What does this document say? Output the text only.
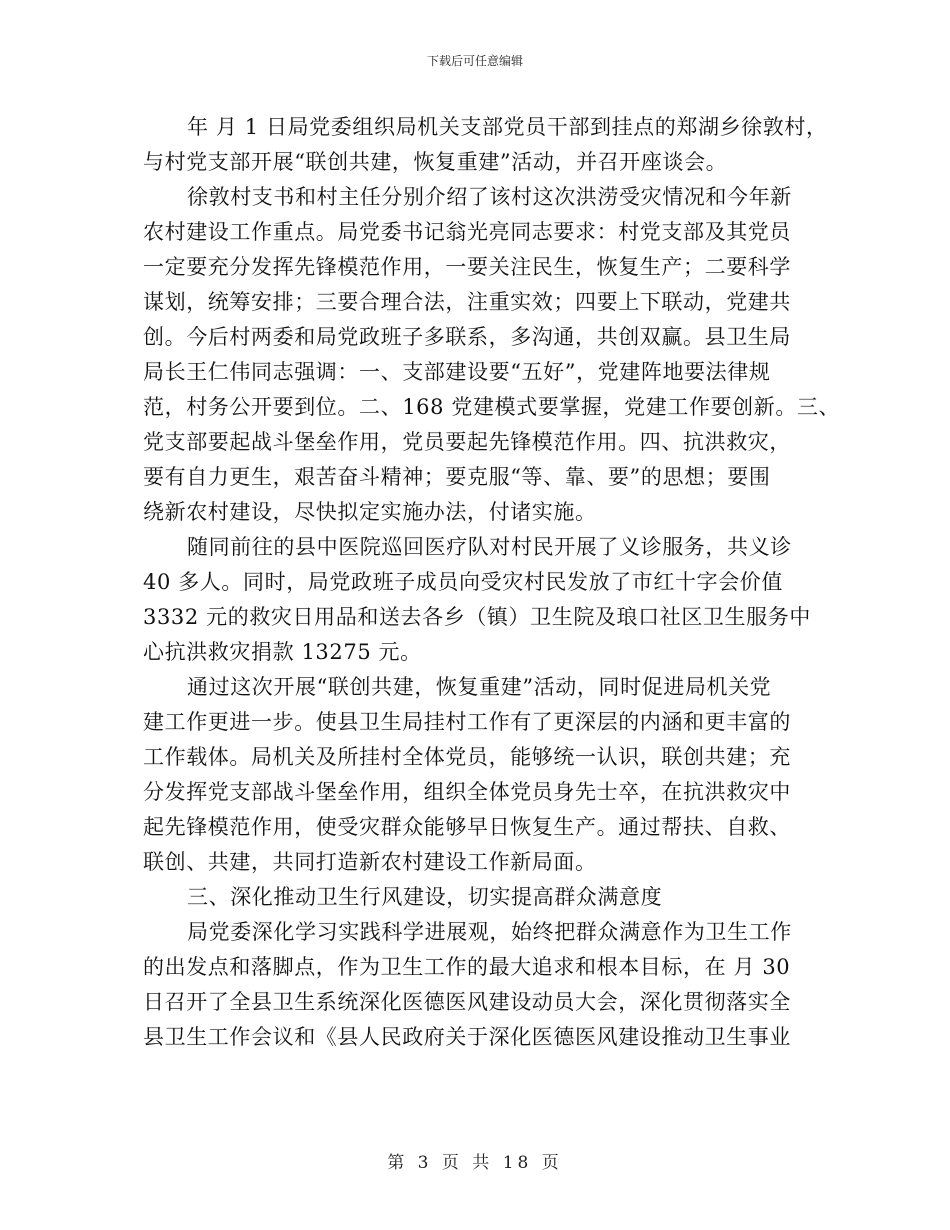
下载后可任意编辑
年 月 1 日局党委组织局机关支部党员干部到挂点的郑湖乡徐敦村，
与村党支部开展“联创共建，恢复重建”活动，并召开座谈会。
徐敦村支书和村主任分别介绍了该村这次洪涝受灾情况和今年新
农村建设工作重点。局党委书记翁光亮同志要求：村党支部及其党员
一定要充分发挥先锋模范作用，一要关注民生，恢复生产；二要科学
谋划，统筹安排；三要合理合法，注重实效；四要上下联动，党建共
创。今后村两委和局党政班子多联系，多沟通，共创双赢。县卫生局
局长王仁伟同志强调：一、支部建设要“五好”，党建阵地要法律规
范，村务公开要到位。二、168 党建模式要掌握，党建工作要创新。三、
党支部要起战斗堡垒作用，党员要起先锋模范作用。四、抗洪救灾，
要有自力更生，艰苦奋斗精神；要克服“等、靠、要”的思想；要围
绕新农村建设，尽快拟定实施办法，付诸实施。
随同前往的县中医院巡回医疗队对村民开展了义诊服务，共义诊
40 多人。同时，局党政班子成员向受灾村民发放了市红十字会价值
3332 元的救灾日用品和送去各乡（镇）卫生院及琅口社区卫生服务中
心抗洪救灾捐款 13275 元。
通过这次开展“联创共建，恢复重建”活动，同时促进局机关党
建工作更进一步。使县卫生局挂村工作有了更深层的内涵和更丰富的
工作载体。局机关及所挂村全体党员，能够统一认识，联创共建；充
分发挥党支部战斗堡垒作用，组织全体党员身先士卒，在抗洪救灾中
起先锋模范作用，使受灾群众能够早日恢复生产。通过帮扶、自救、
联创、共建，共同打造新农村建设工作新局面。
三、深化推动卫生行风建设，切实提高群众满意度
局党委深化学习实践科学进展观，始终把群众满意作为卫生工作
的出发点和落脚点，作为卫生工作的最大追求和根本目标，在 月 30
日召开了全县卫生系统深化医德医风建设动员大会，深化贯彻落实全
县卫生工作会议和《县人民政府关于深化医德医风建设推动卫生事业
第 3 页 共 18 页
